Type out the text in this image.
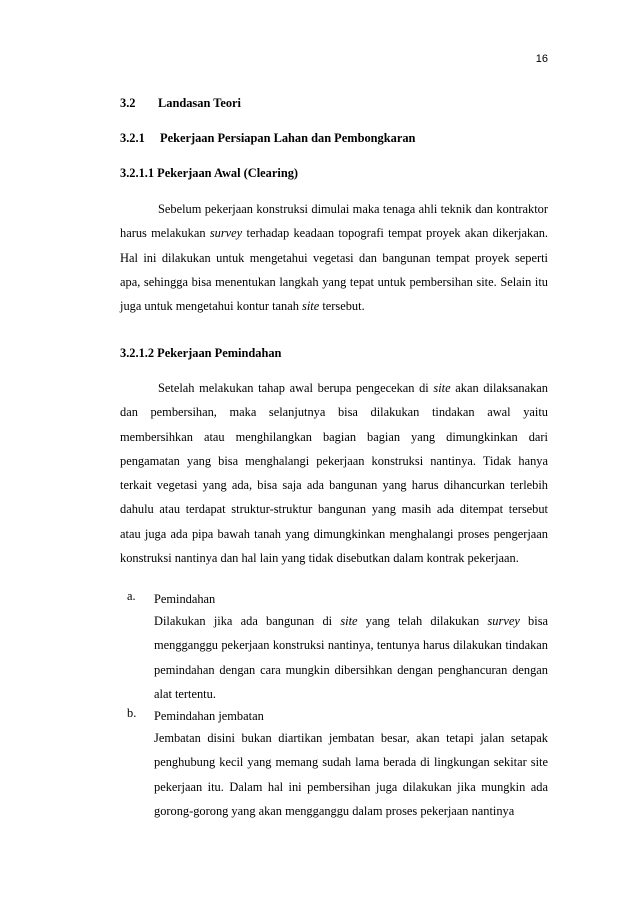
16
3.2 Landasan Teori
3.2.1 Pekerjaan Persiapan Lahan dan Pembongkaran
3.2.1.1 Pekerjaan Awal (Clearing)

Sebelum pekerjaan konstruksi dimulai maka tenaga ahli teknik dan kontraktor harus melakukan survey terhadap keadaan topografi tempat proyek akan dikerjakan. Hal ini dilakukan untuk mengetahui vegetasi dan bangunan tempat proyek seperti apa, sehingga bisa menentukan langkah yang tepat untuk pembersihan site. Selain itu juga untuk mengetahui kontur tanah site tersebut.

3.2.1.2 Pekerjaan Pemindahan

Setelah melakukan tahap awal berupa pengecekan di site akan dilaksanakan dan pembersihan, maka selanjutnya bisa dilakukan tindakan awal yaitu membersihkan atau menghilangkan bagian bagian yang dimungkinkan dari pengamatan yang bisa menghalangi pekerjaan konstruksi nantinya. Tidak hanya terkait vegetasi yang ada, bisa saja ada bangunan yang harus dihancurkan terlebih dahulu atau terdapat struktur-struktur bangunan yang masih ada ditempat tersebut atau juga ada pipa bawah tanah yang dimungkinkan menghalangi proses pengerjaan konstruksi nantinya dan hal lain yang tidak disebutkan dalam kontrak pekerjaan.

a. Pemindahan

Dilakukan jika ada bangunan di site yang telah dilakukan survey bisa mengganggu pekerjaan konstruksi nantinya, tentunya harus dilakukan tindakan pemindahan dengan cara mungkin dibersihkan dengan penghancuran dengan alat tertentu.

b. Pemindahan jembatan

Jembatan disini bukan diartikan jembatan besar, akan tetapi jalan setapak penghubung kecil yang memang sudah lama berada di lingkungan sekitar site pekerjaan itu. Dalam hal ini pembersihan juga dilakukan jika mungkin ada gorong-gorong yang akan mengganggu dalam proses pekerjaan nantinya
